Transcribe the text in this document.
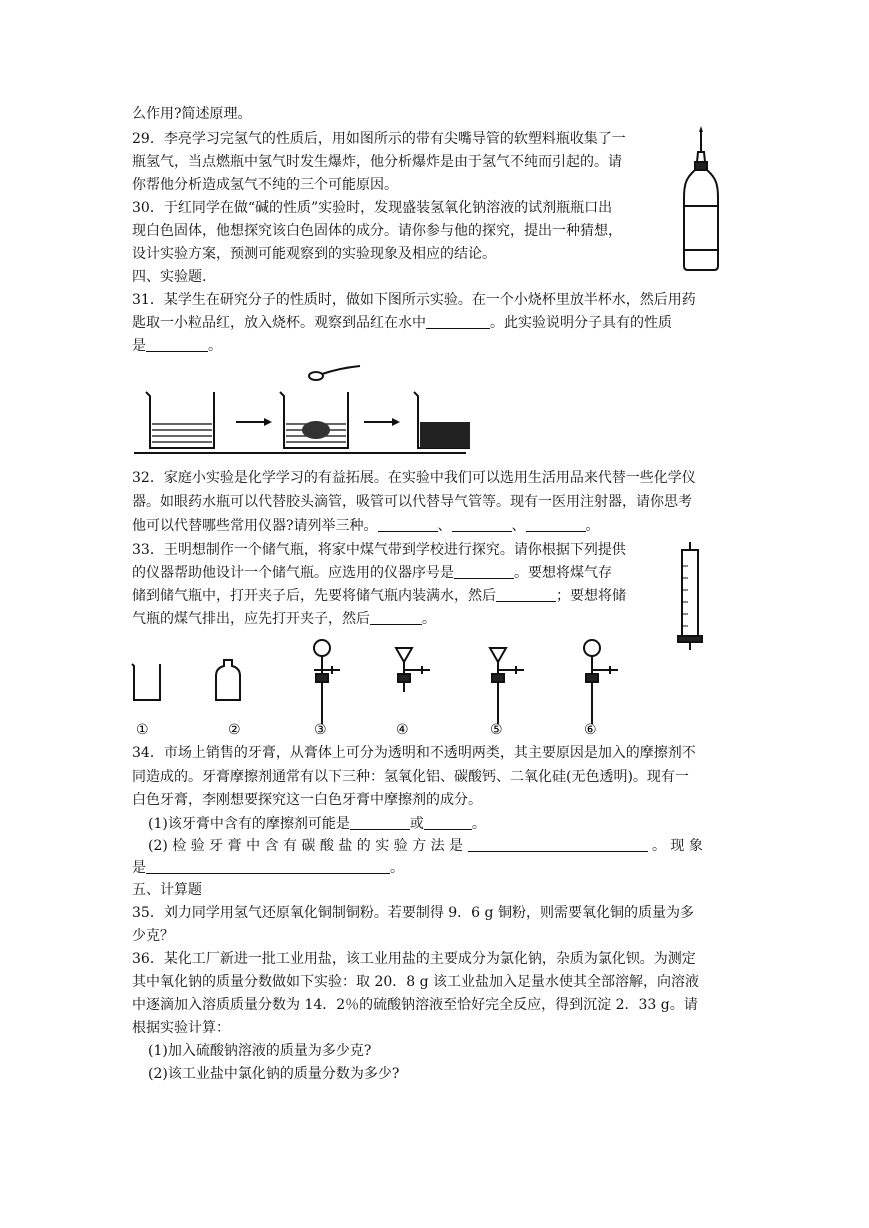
么作用?简述原理。
29．李亮学习完氢气的性质后，用如图所示的带有尖嘴导管的软塑料瓶收集了一
瓶氢气，当点燃瓶中氢气时发生爆炸，他分析爆炸是由于氢气不纯而引起的。请
你帮他分析造成氢气不纯的三个可能原因。
30．于红同学在做“碱的性质”实验时，发现盛装氢氧化钠溶液的试剂瓶瓶口出
现白色固体，他想探究该白色固体的成分。请你参与他的探究，提出一种猜想，
设计实验方案，预测可能观察到的实验现象及相应的结论。
四、实验题.
31．某学生在研究分子的性质时，做如下图所示实验。在一个小烧杯里放半杯水，然后用药
匙取一小粒品红，放入烧杯。观察到品红在水中	。此实验说明分子具有的性质
是	。
32．家庭小实验是化学学习的有益拓展。在实验中我们可以选用生活用品来代替一些化学仪
器。如眼药水瓶可以代替胶头滴管，吸管可以代替导气管等。现有一医用注射器，请你思考
他可以代替哪些常用仪器?请列举三种。	、	、	。
33．王明想制作一个储气瓶，将家中煤气带到学校进行探究。请你根据下列提供
的仪器帮助他设计一个储气瓶。应选用的仪器序号是	。要想将煤气存
储到储气瓶中，打开夹子后，先要将储气瓶内装满水，然后	；要想将储
气瓶的煤气排出，应先打开夹子，然后	。
34．市场上销售的牙膏，从膏体上可分为透明和不透明两类，其主要原因是加入的摩擦剂不
同造成的。牙膏摩擦剂通常有以下三种：氢氧化铝、碳酸钙、二氧化硅(无色透明)。现有一
白色牙膏，李刚想要探究这一白色牙膏中摩擦剂的成分。
(1)该牙膏中含有的摩擦剂可能是	或	。
(2) 检 验 牙 膏 中 含 有 碳 酸 盐 的 实 验 方 法 是	。 现 象
是	。
五、计算题
35．刘力同学用氢气还原氧化铜制铜粉。若要制得 9．6 g 铜粉，则需要氧化铜的质量为多
少克？
36．某化工厂新进一批工业用盐，该工业用盐的主要成分为氯化钠，杂质为氯化钡。为测定
其中氧化钠的质量分数做如下实验：取 20．8 g 该工业盐加入足量水使其全部溶解，向溶液
中逐滴加入溶质质量分数为 14．2％的硫酸钠溶液至恰好完全反应，得到沉淀 2．33 g。请
根据实验计算：
(1)加入硫酸钠溶液的质量为多少克?
(2)该工业盐中氯化钠的质量分数为多少?
①	②	③	④	⑤	⑥
